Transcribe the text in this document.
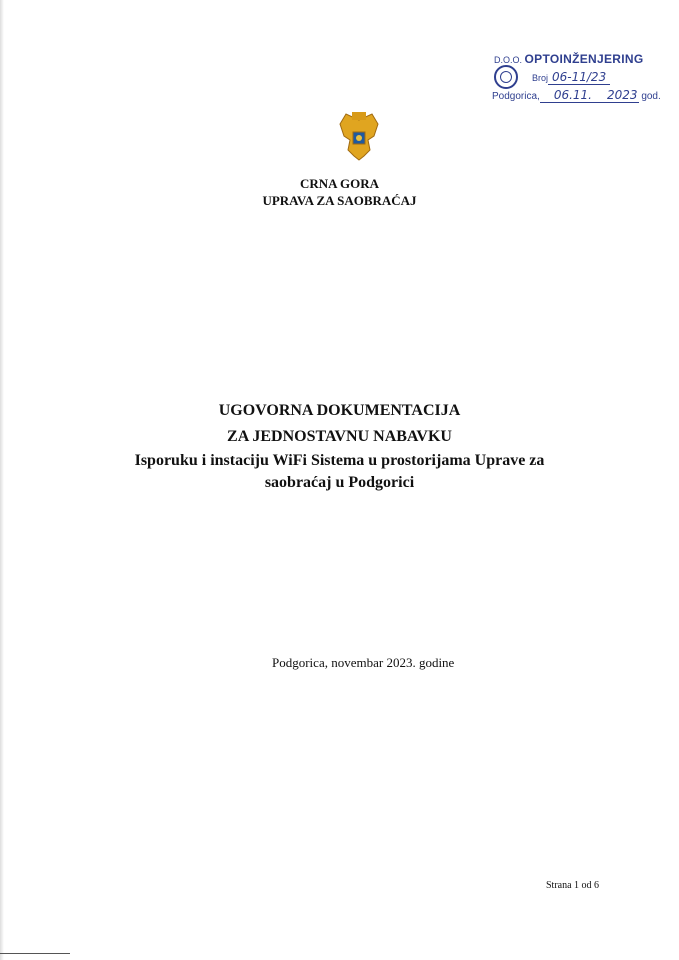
D.O.O. OPTOINŽENJERING
Broj 06-11/23
Podgorica, 06.11. 2023 god.
CRNA GORA
UPRAVA ZA SAOBRAĆAJ
UGOVORNA DOKUMENTACIJA
ZA JEDNOSTAVNU NABAVKU
Isporuku i instaciju WiFi Sistema u prostorijama Uprave za
saobraćaj u Podgorici
Podgorica, novembar 2023. godine
Strana 1 od 6
